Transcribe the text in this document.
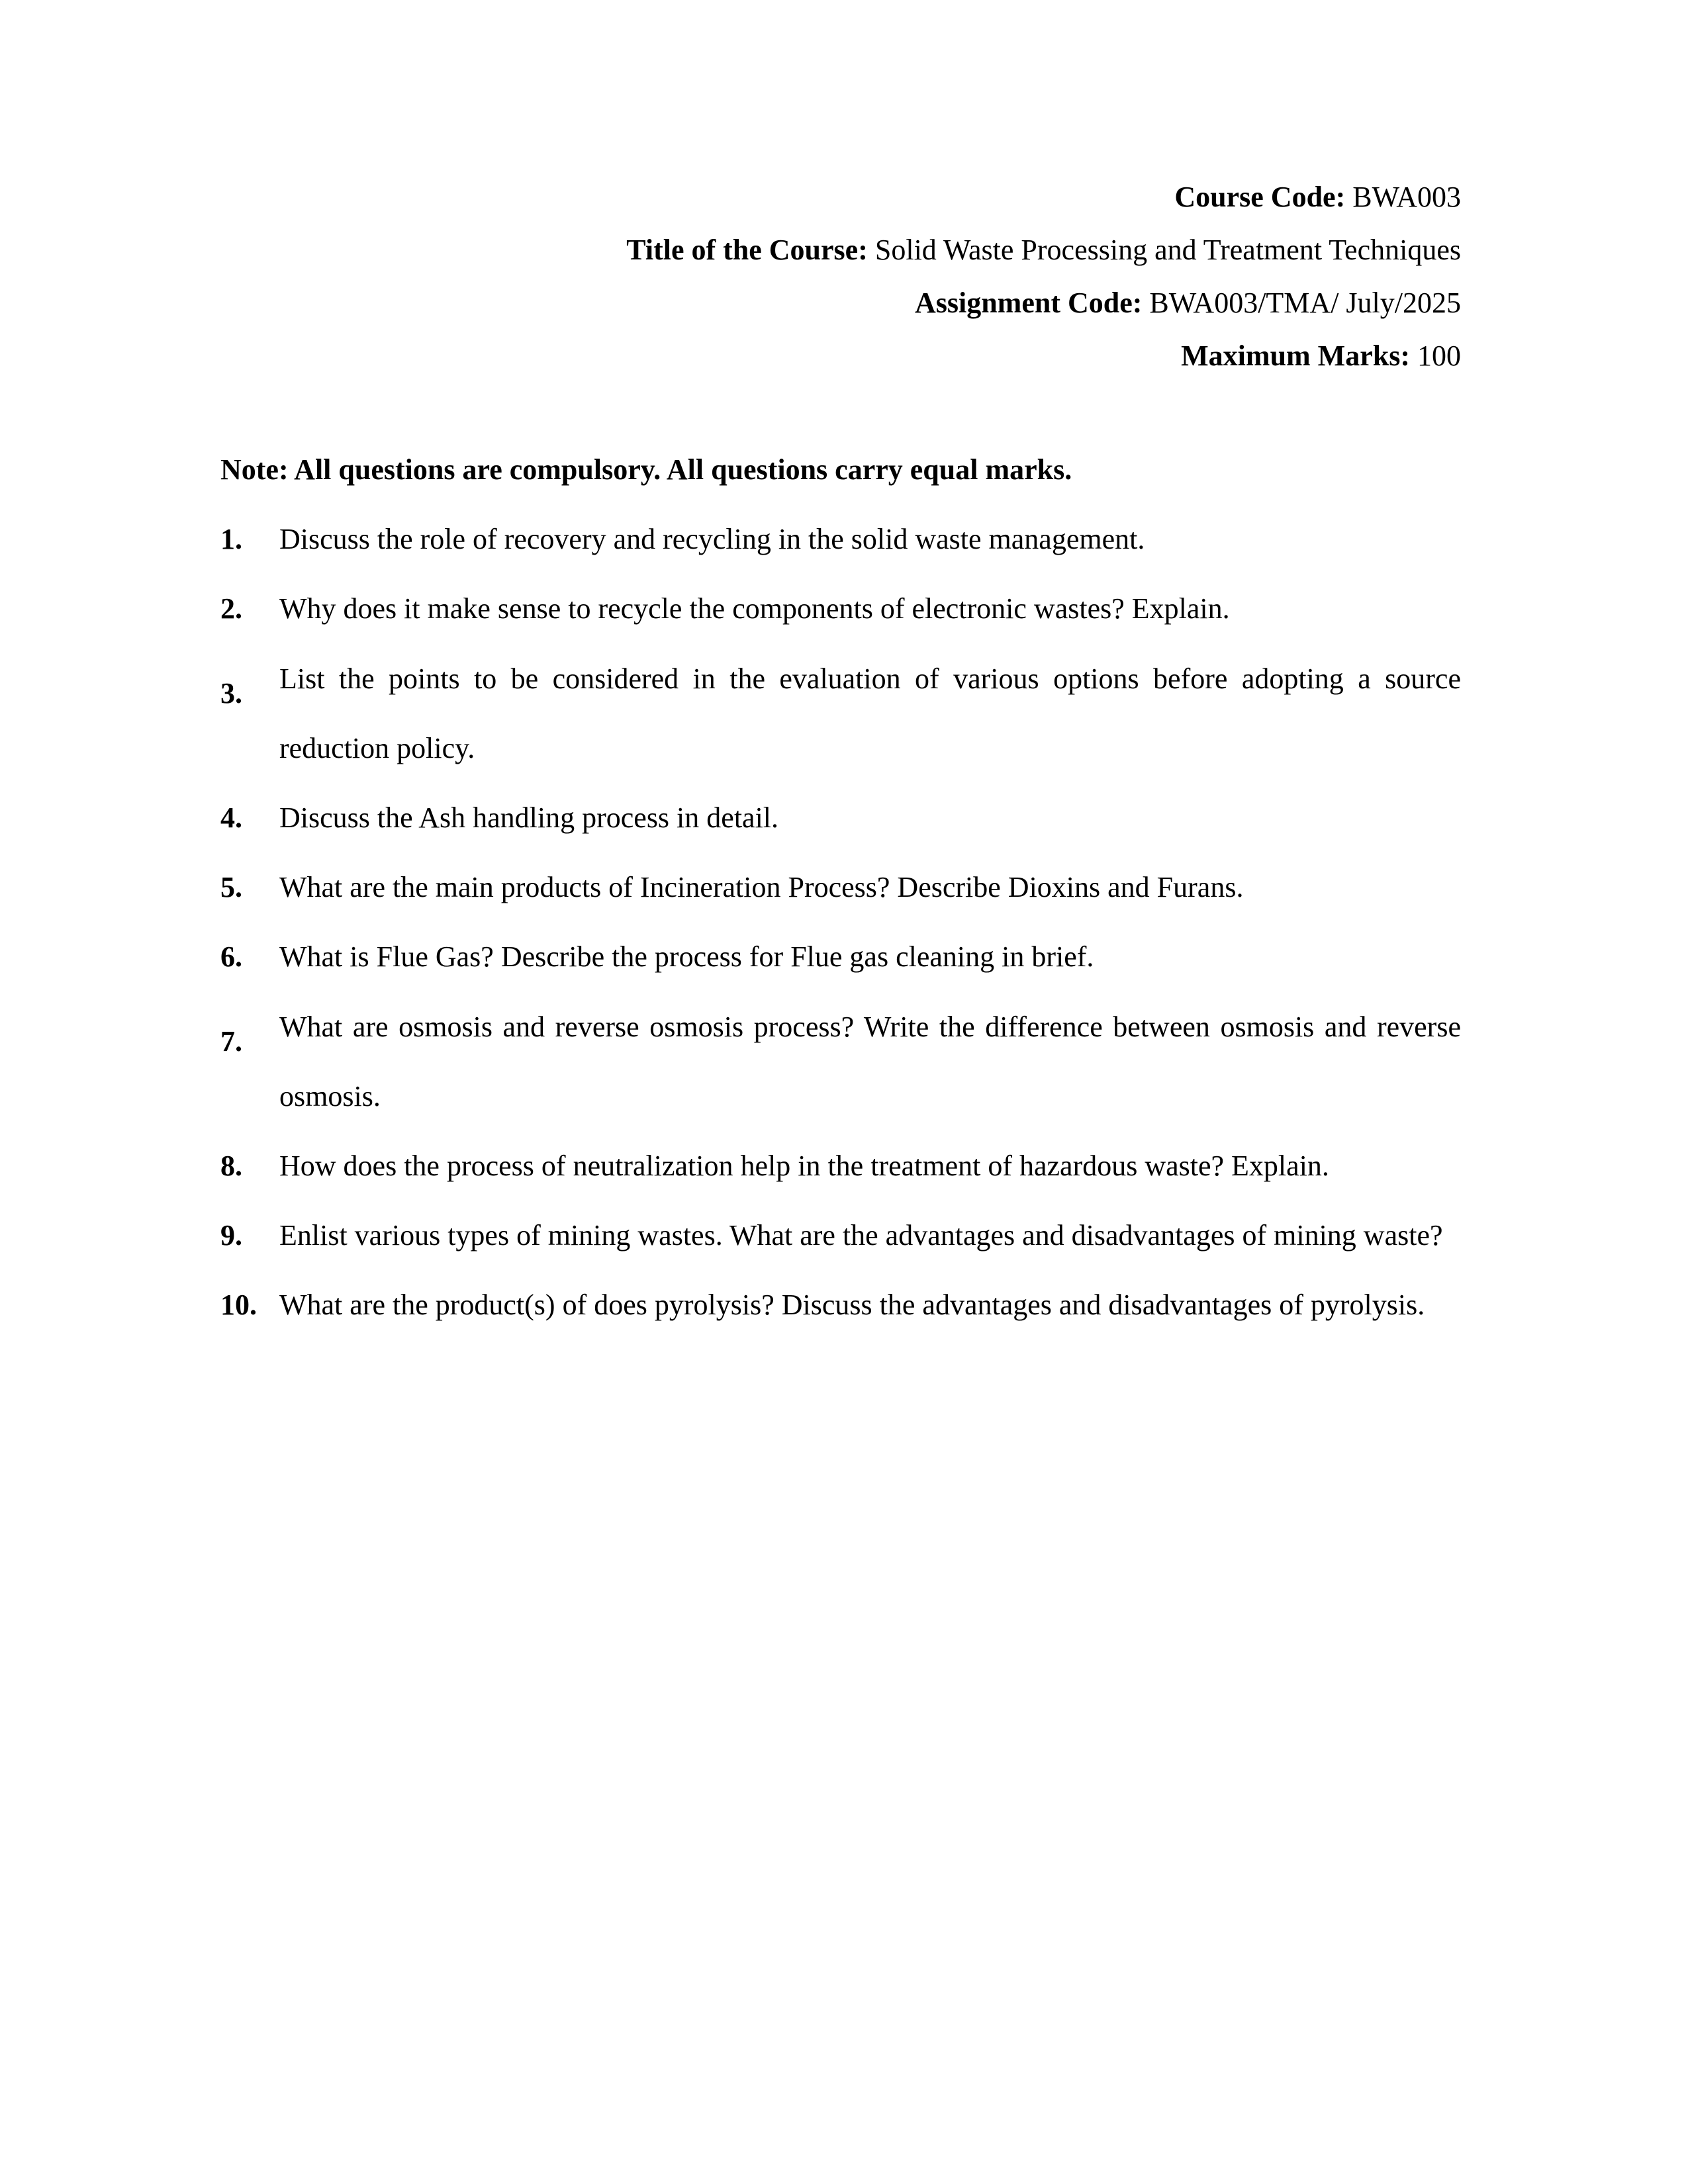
Course Code: BWA003
Title of the Course: Solid Waste Processing and Treatment Techniques
Assignment Code: BWA003/TMA/ July/2025
Maximum Marks: 100
Note: All questions are compulsory. All questions carry equal marks.
1. Discuss the role of recovery and recycling in the solid waste management.
2. Why does it make sense to recycle the components of electronic wastes? Explain.
3. List the points to be considered in the evaluation of various options before adopting a source reduction policy.
4. Discuss the Ash handling process in detail.
5. What are the main products of Incineration Process? Describe Dioxins and Furans.
6. What is Flue Gas? Describe the process for Flue gas cleaning in brief.
7. What are osmosis and reverse osmosis process? Write the difference between osmosis and reverse osmosis.
8. How does the process of neutralization help in the treatment of hazardous waste? Explain.
9. Enlist various types of mining wastes. What are the advantages and disadvantages of mining waste?
10. What are the product(s) of does pyrolysis? Discuss the advantages and disadvantages of pyrolysis.
